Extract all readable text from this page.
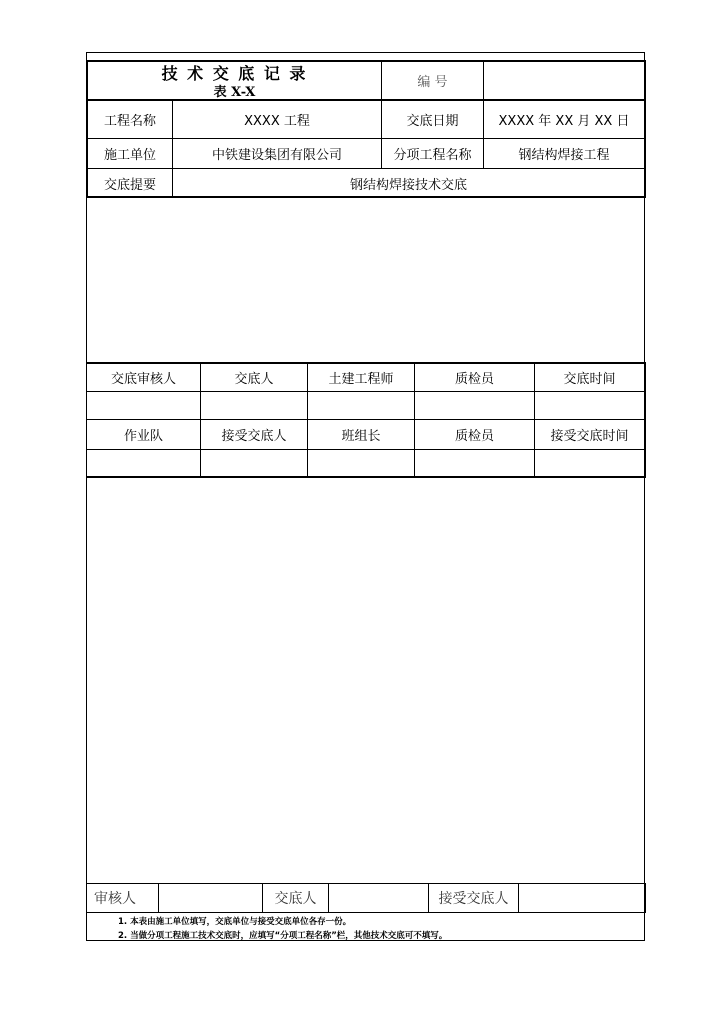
技 术 交 底 记 录
表 X-X
编 号
工程名称	XXXX 工程	交底日期	XXXX 年 XX 月 XX 日
施工单位	中铁建设集团有限公司	分项工程名称	钢结构焊接工程
交底提要	钢结构焊接技术交底
交底审核人	交底人	土建工程师	质检员	交底时间
作业队	接受交底人	班组长	质检员	接受交底时间
审核人	交底人	接受交底人
1. 本表由施工单位填写，交底单位与接受交底单位各存一份。
2. 当做分项工程施工技术交底时，应填写“分项工程名称”栏，其他技术交底可不填写。
